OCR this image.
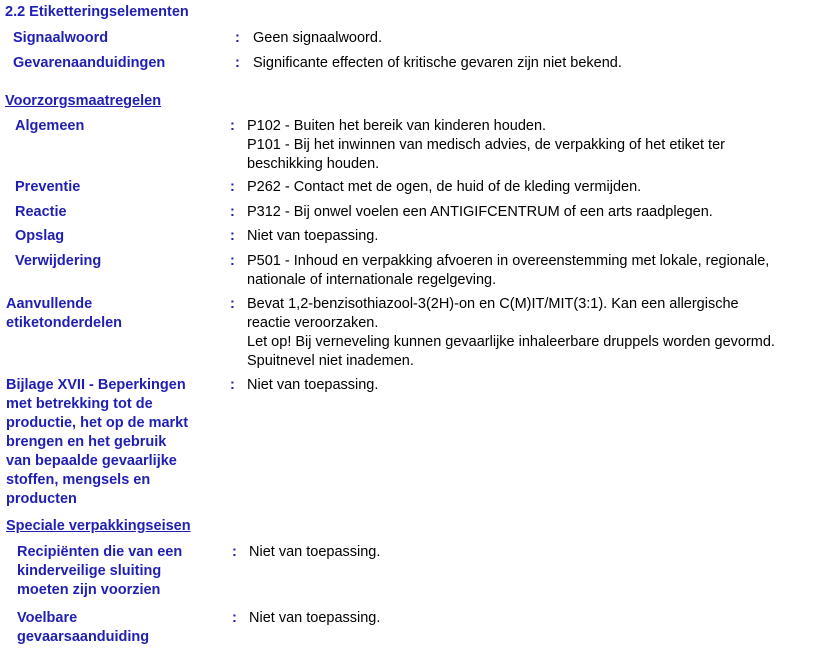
2.2 Etiketteringselementen
Signaalwoord	: Geen signaalwoord.
Gevarenaanduidingen	: Significante effecten of kritische gevaren zijn niet bekend.
Voorzorgsmaatregelen
Algemeen	: P102 - Buiten het bereik van kinderen houden.
P101 - Bij het inwinnen van medisch advies, de verpakking of het etiket ter
beschikking houden.
Preventie	: P262 - Contact met de ogen, de huid of de kleding vermijden.
Reactie	: P312 - Bij onwel voelen een ANTIGIFCENTRUM of een arts raadplegen.
Opslag	: Niet van toepassing.
Verwijdering	: P501 - Inhoud en verpakking afvoeren in overeenstemming met lokale, regionale,
nationale of internationale regelgeving.
Aanvullende
etiketonderdelen
: Bevat 1,2-benzisothiazool-3(2H)-on en C(M)IT/MIT(3:1). Kan een allergische
reactie veroorzaken.
Let op! Bij verneveling kunnen gevaarlijke inhaleerbare druppels worden gevormd.
Spuitnevel niet inademen.
Bijlage XVII - Beperkingen
met betrekking tot de
productie, het op de markt
brengen en het gebruik
van bepaalde gevaarlijke
stoffen, mengsels en
producten
: Niet van toepassing.
Speciale verpakkingseisen
Recipiënten die van een
kinderveilige sluiting
moeten zijn voorzien
: Niet van toepassing.
Voelbare
gevaarsaanduiding
: Niet van toepassing.
